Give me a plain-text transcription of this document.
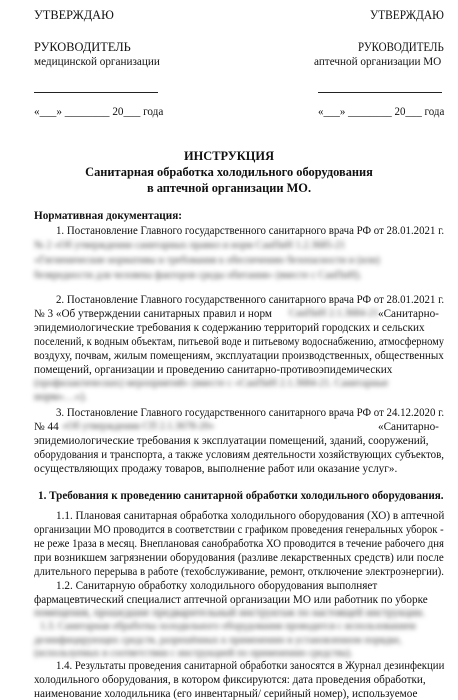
УТВЕРЖДАЮ
РУКОВОДИТЕЛЬ
медицинской организации
«___» ________ 20___ года
УТВЕРЖДАЮ
РУКОВОДИТЕЛЬ
аптечной организации МО
«___» ________ 20___ года
ИНСТРУКЦИЯ
Санитарная обработка холодильного оборудования
в аптечной организации МО.
Нормативная документация:
1. Постановление Главного государственного санитарного врача РФ от 28.01.2021 г.
№ 2 «Об утверждении санитарных правил и норм СанПиН 1.2.3685-21
«Гигиенические нормативы и требования к обеспечению безопасности и (или)
безвредности для человека факторов среды обитания» (вместе с СанПиН).
2. Постановление Главного государственного санитарного врача РФ от 28.01.2021 г.
№ 3 «Об утверждении санитарных правил и норм СанПиН 2.1.3684-21 «Санитарно-
эпидемиологические требования к содержанию территорий городских и сельских
поселений, к водным объектам, питьевой воде и питьевому водоснабжению, атмосферному
воздуху, почвам, жилым помещениям, эксплуатации производственных, общественных
помещений, организации и проведению санитарно-противоэпидемических
(профилактических) мероприятий» (вместе с «СанПиН 2.1.3684-21. Санитарные
норм»…»).
3. Постановление Главного государственного санитарного врача РФ от 24.12.2020 г.
№ 44 «Об утверждении СП 2.1.3678-20»	«Санитарно-
эпидемиологические требования к эксплуатации помещений, зданий, сооружений,
оборудования и транспорта, а также условиям деятельности хозяйствующих субъектов,
осуществляющих продажу товаров, выполнение работ или оказание услуг».
1. Требования к проведению санитарной обработки холодильного оборудования.
1.1. Плановая санитарная обработка холодильного оборудования (ХО) в аптечной
организации МО проводится в соответствии с графиком проведения генеральных уборок -
не реже 1раза в месяц. Внеплановая санобработка ХО проводится в течение рабочего дня
при возникшем загрязнении оборудования (разливе лекарственных средств) или после
длительного перерыва в работе (техобслуживание, ремонт, отключение электроэнергии).
1.2. Санитарную обработку холодильного оборудования выполняет
фармацевтический специалист аптечной организации МО или работник по уборке
помещения, прошедшие предварительный инструктаж по настоящей инструкции.
1.3. Санитарная обработка холодильного оборудования проводится с использованием
дезинфицирующих средств, разрешённых к применению в установленном порядке,
(используемых в соответствии с инструкцией по применению средства).
1.4. Результаты проведения санитарной обработки заносятся в Журнал дезинфекции
холодильного оборудования, в котором фиксируются: дата проведения обработки,
наименование холодильника (его инвентарный/ серийный номер), используемое
